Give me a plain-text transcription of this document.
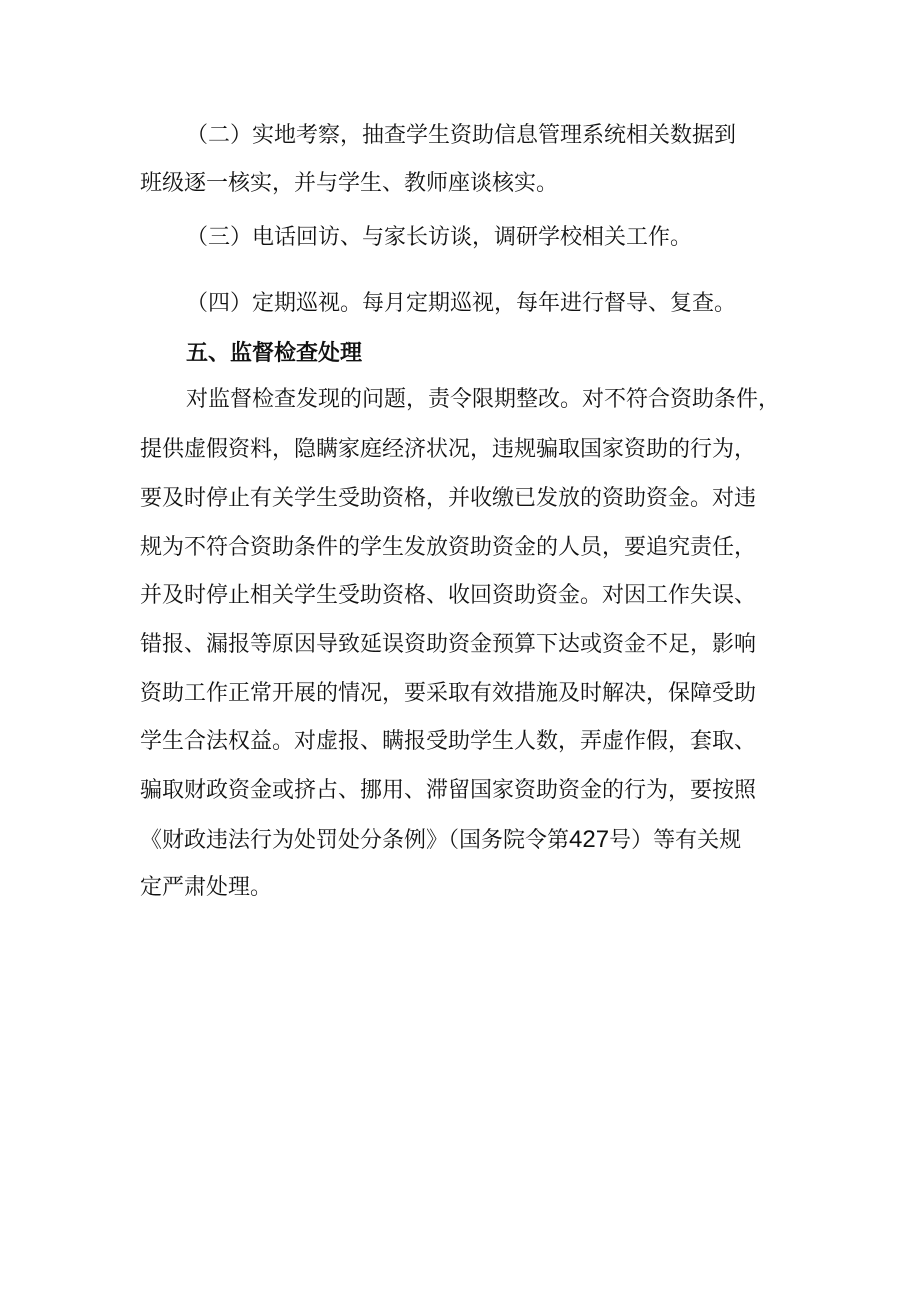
（二）实地考察，抽查学生资助信息管理系统相关数据到
班级逐一核实，并与学生、教师座谈核实。
（三）电话回访、与家长访谈，调研学校相关工作。
（四）定期巡视。每月定期巡视，每年进行督导、复查。
五、监督检查处理
对监督检查发现的问题，责令限期整改。对不符合资助条件，
提供虚假资料，隐瞒家庭经济状况，违规骗取国家资助的行为，
要及时停止有关学生受助资格，并收缴已发放的资助资金。对违
规为不符合资助条件的学生发放资助资金的人员，要追究责任，
并及时停止相关学生受助资格、收回资助资金。对因工作失误、
错报、漏报等原因导致延误资助资金预算下达或资金不足，影响
资助工作正常开展的情况，要采取有效措施及时解决，保障受助
学生合法权益。对虚报、瞒报受助学生人数，弄虚作假，套取、
骗取财政资金或挤占、挪用、滞留国家资助资金的行为，要按照
《财政违法行为处罚处分条例》（国务院令第427号）等有关规
定严肃处理。
